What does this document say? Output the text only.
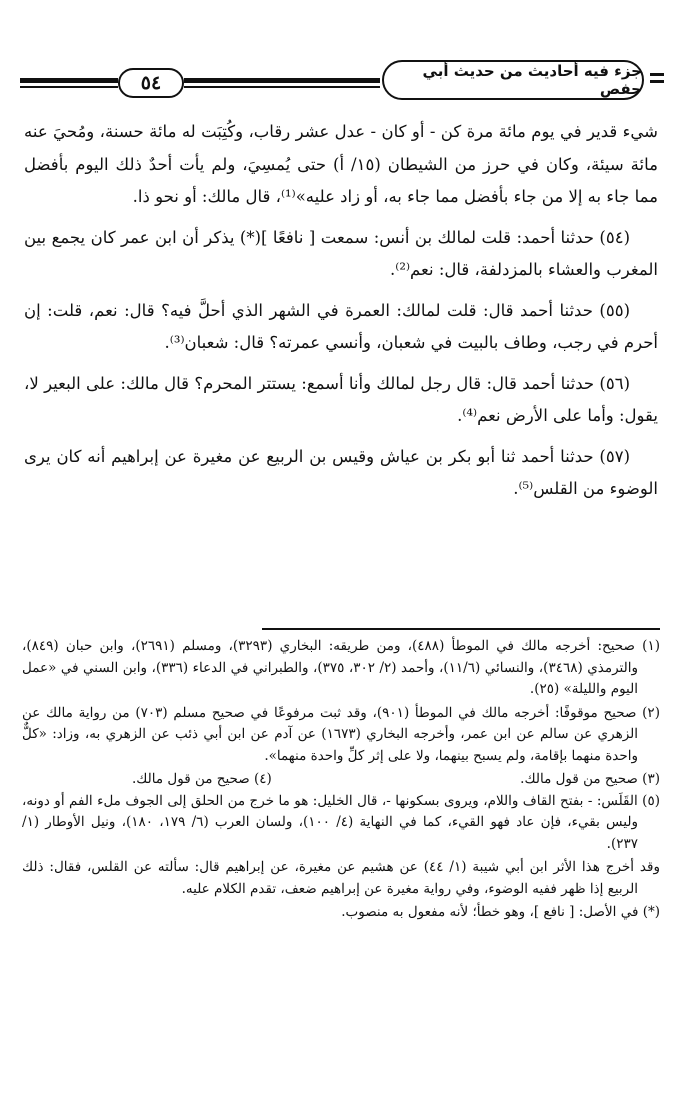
٥٤
جزء فيه أحاديث من حديث أبي حفص

شيء قدير في يوم مائة مرة كن - أو كان - عدل عشر رقاب، وكُتِبَت له مائة حسنة، ومُحيَ عنه مائة سيئة، وكان في حرز من الشيطان (١٥/ أ) حتى يُمسِيَ، ولم يأت أحدٌ ذلك اليوم بأفضل مما جاء به إلا من جاء بأفضل مما جاء به، أو زاد عليه»⁽¹⁾، قال مالك: أو نحو ذا.

(٥٤) حدثنا أحمد: قلت لمالك بن أنس: سمعت [ نافعًا ](*) يذكر أن ابن عمر كان يجمع بين المغرب والعشاء بالمزدلفة، قال: نعم⁽²⁾.

(٥٥) حدثنا أحمد قال: قلت لمالك: العمرة في الشهر الذي أحلَّ فيه؟ قال: نعم، قلت: إن أحرم في رجب، وطاف بالبيت في شعبان، وأنسي عمرته؟ قال: شعبان⁽³⁾.

(٥٦) حدثنا أحمد قال: قال رجل لمالك وأنا أسمع: يستتر المحرم؟ قال مالك: على البعير لا، يقول: وأما على الأرض نعم⁽⁴⁾.

(٥٧) حدثنا أحمد ثنا أبو بكر بن عياش وقيس بن الربيع عن مغيرة عن إبراهيم أنه كان يرى الوضوء من القلس⁽⁵⁾.

(١) صحيح: أخرجه مالك في الموطأ (٤٨٨)، ومن طريقه: البخاري (٣٢٩٣)، ومسلم (٢٦٩١)، وابن حبان (٨٤٩)، والترمذي (٣٤٦٨)، والنسائي (١١/٦)، وأحمد (٢/ ٣٠٢، ٣٧٥)، والطبراني في الدعاء (٣٣٦)، وابن السني في «عمل اليوم والليلة» (٢٥).

(٢) صحيح موقوفًا: أخرجه مالك في الموطأ (٩٠١)، وقد ثبت مرفوعًا في صحيح مسلم (٧٠٣) من رواية مالك عن الزهري عن سالم عن ابن عمر، وأخرجه البخاري (١٦٧٣) عن آدم عن ابن أبي ذئب عن الزهري به، وزاد: «كلٌّ واحدة منهما بإقامة، ولم يسبح بينهما، ولا على إثر كلِّ واحدة منهما».

(٣) صحيح من قول مالك.
(٤) صحيح من قول مالك.

(٥) القَلَس: - بفتح القاف واللام، ويروى بسكونها -، قال الخليل: هو ما خرج من الحلق إلى الجوف ملء الفم أو دونه، وليس بقيء، فإن عاد فهو القيء، كما في النهاية (٤/ ١٠٠)، ولسان العرب (٦/ ١٧٩، ١٨٠)، ونيل الأوطار (١/ ٢٣٧).

وقد أخرج هذا الأثر ابن أبي شيبة (١/ ٤٤) عن هشيم عن مغيرة، عن إبراهيم قال: سألته عن القلس، فقال: ذلك الربيع إذا ظهر ففيه الوضوء، وفي رواية مغيرة عن إبراهيم ضعف، تقدم الكلام عليه.

(*) في الأصل: [ نافع ]، وهو خطأ؛ لأنه مفعول به منصوب.
